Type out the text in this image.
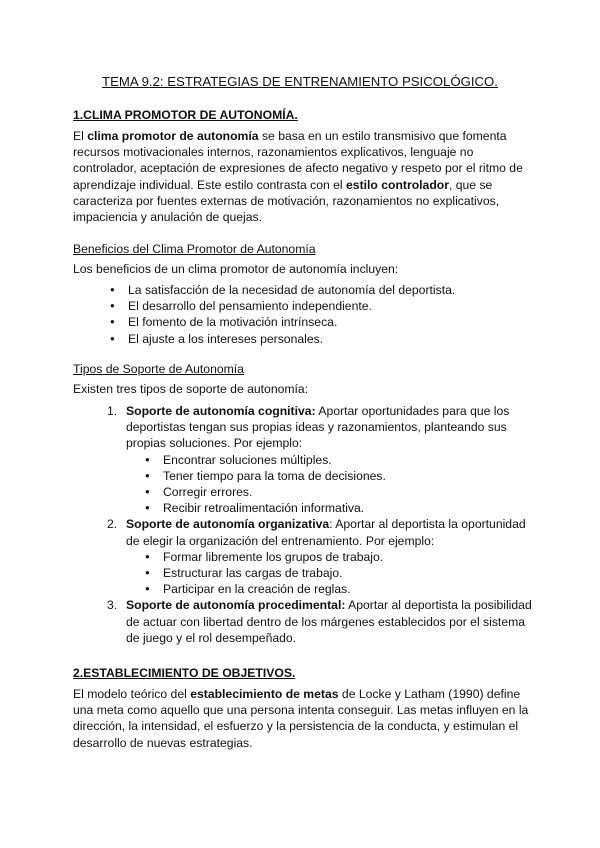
TEMA 9.2: ESTRATEGIAS DE ENTRENAMIENTO PSICOLÓGICO.
1.CLIMA PROMOTOR DE AUTONOMÍA.

El clima promotor de autonomía se basa en un estilo transmisivo que fomenta recursos motivacionales internos, razonamientos explicativos, lenguaje no controlador, aceptación de expresiones de afecto negativo y respeto por el ritmo de aprendizaje individual. Este estilo contrasta con el estilo controlador, que se caracteriza por fuentes externas de motivación, razonamientos no explicativos, impaciencia y anulación de quejas.

Beneficios del Clima Promotor de Autonomía
Los beneficios de un clima promotor de autonomía incluyen:
● La satisfacción de la necesidad de autonomía del deportista.
● El desarrollo del pensamiento independiente.
● El fomento de la motivación intrínseca.
● El ajuste a los intereses personales.
Tipos de Soporte de Autonomía
Existen tres tipos de soporte de autonomía:
1. Soporte de autonomía cognitiva: Aportar oportunidades para que los deportistas tengan sus propias ideas y razonamientos, planteando sus propias soluciones. Por ejemplo:
● Encontrar soluciones múltiples.
● Tener tiempo para la toma de decisiones.
● Corregir errores.
● Recibir retroalimentación informativa.
2. Soporte de autonomía organizativa: Aportar al deportista la oportunidad de elegir la organización del entrenamiento. Por ejemplo:
● Formar libremente los grupos de trabajo.
● Estructurar las cargas de trabajo.
● Participar en la creación de reglas.
3. Soporte de autonomía procedimental: Aportar al deportista la posibilidad de actuar con libertad dentro de los márgenes establecidos por el sistema de juego y el rol desempeñado.
2.ESTABLECIMIENTO DE OBJETIVOS.

El modelo teórico del establecimiento de metas de Locke y Latham (1990) define una meta como aquello que una persona intenta conseguir. Las metas influyen en la dirección, la intensidad, el esfuerzo y la persistencia de la conducta, y estimulan el desarrollo de nuevas estrategias.
